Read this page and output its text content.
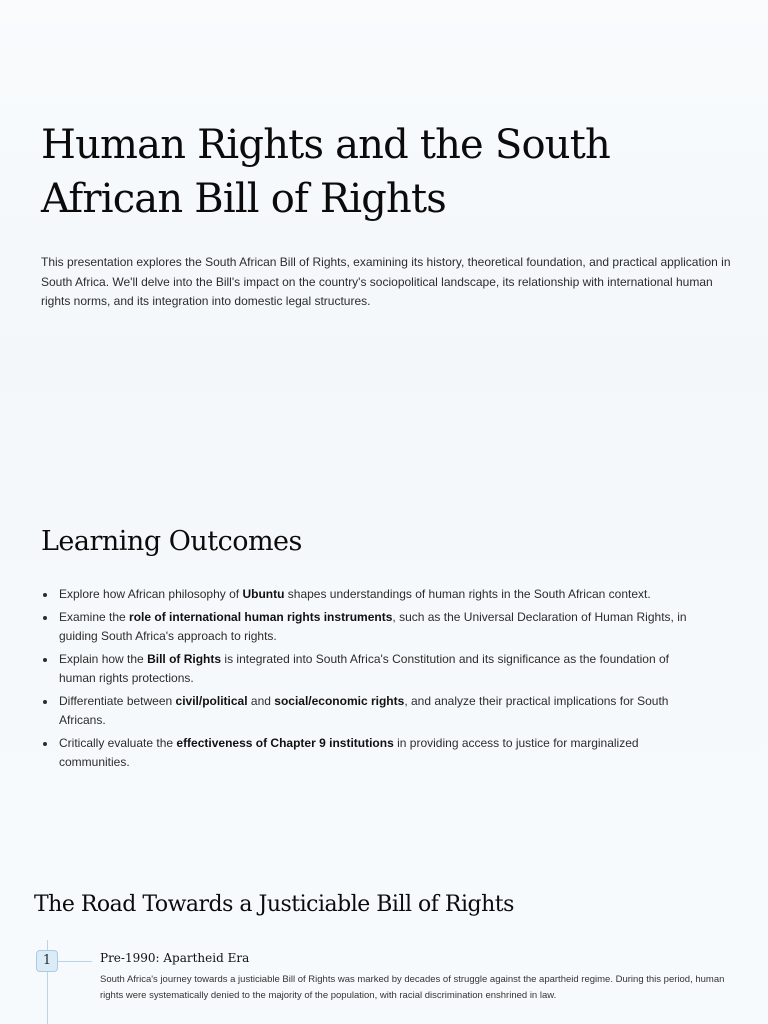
Human Rights and the South African Bill of Rights

This presentation explores the South African Bill of Rights, examining its history, theoretical foundation, and practical application in South Africa. We'll delve into the Bill's impact on the country's sociopolitical landscape, its relationship with international human rights norms, and its integration into domestic legal structures.

Learning Outcomes
Explore how African philosophy of Ubuntu shapes understandings of human rights in the South African context.
Examine the role of international human rights instruments, such as the Universal Declaration of Human Rights, in guiding South Africa's approach to rights.
Explain how the Bill of Rights is integrated into South Africa's Constitution and its significance as the foundation of human rights protections.
Differentiate between civil/political and social/economic rights, and analyze their practical implications for South Africans.
Critically evaluate the effectiveness of Chapter 9 institutions in providing access to justice for marginalized communities.
The Road Towards a Justiciable Bill of Rights
1	Pre-1990: Apartheid Era

South Africa's journey towards a justiciable Bill of Rights was marked by decades of struggle against the apartheid regime. During this period, human rights were systematically denied to the majority of the population, with racial discrimination enshrined in law.
